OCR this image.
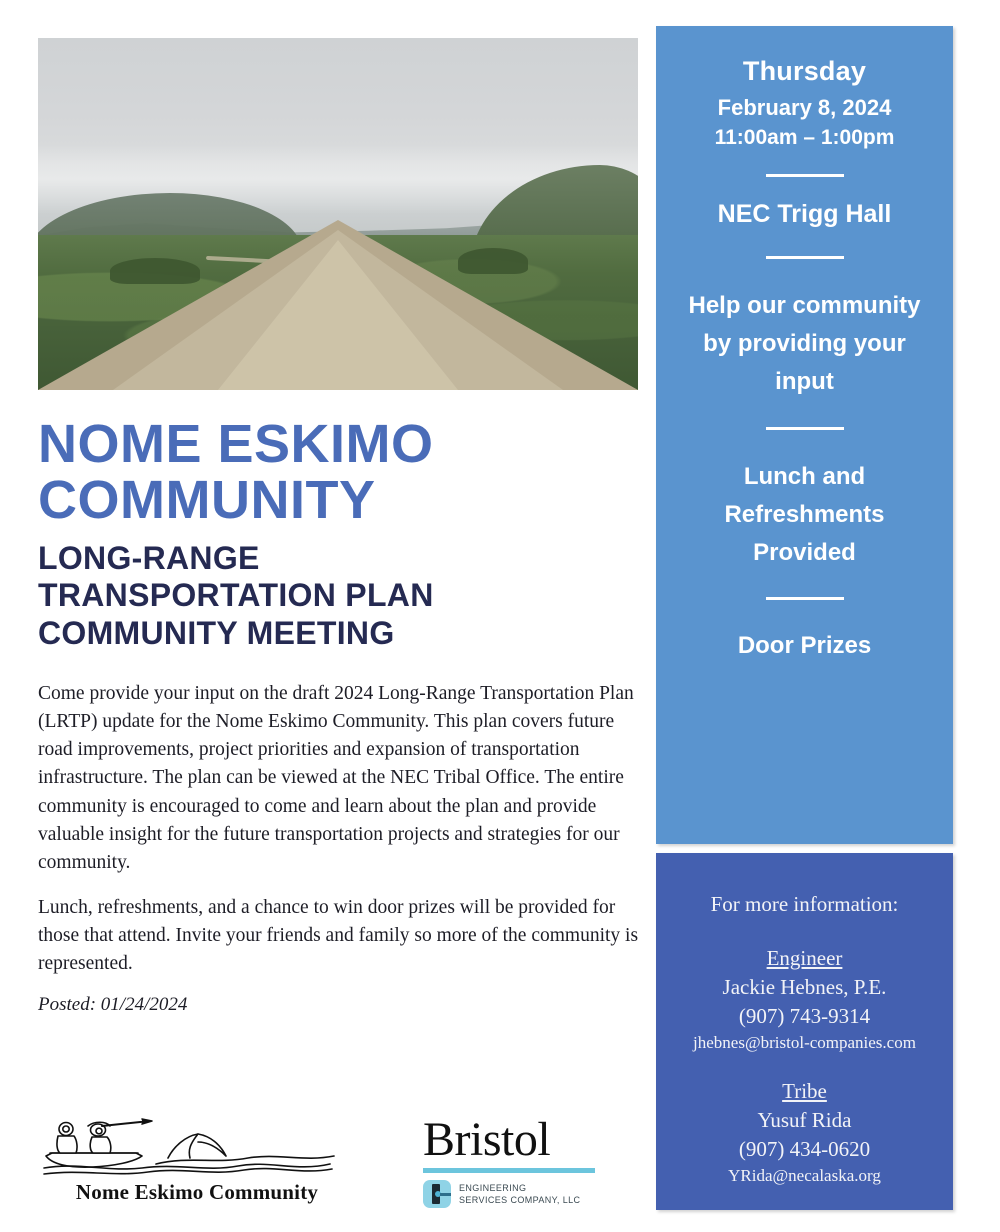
NOME ESKIMO COMMUNITY
LONG-RANGE
TRANSPORTATION PLAN
COMMUNITY MEETING

Come provide your input on the draft 2024 Long-Range Transportation Plan (LRTP) update for the Nome Eskimo Community. This plan covers future road improvements, project priorities and expansion of transportation infrastructure. The plan can be viewed at the NEC Tribal Office. The entire community is encouraged to come and learn about the plan and provide valuable insight for the future transportation projects and strategies for our community.

Lunch, refreshments, and a chance to win door prizes will be provided for those that attend. Invite your friends and family so more of the community is represented.

Posted: 01/24/2024
Nome Eskimo Community
Bristol
ENGINEERING
SERVICES COMPANY, LLC
Thursday
February 8, 2024
11:00am – 1:00pm
NEC Trigg Hall
Help our community by providing your input
Lunch and Refreshments Provided
Door Prizes
For more information:
Engineer
Jackie Hebnes, P.E.
(907) 743-9314
jhebnes@bristol-companies.com
Tribe
Yusuf Rida
(907) 434-0620
YRida@necalaska.org
